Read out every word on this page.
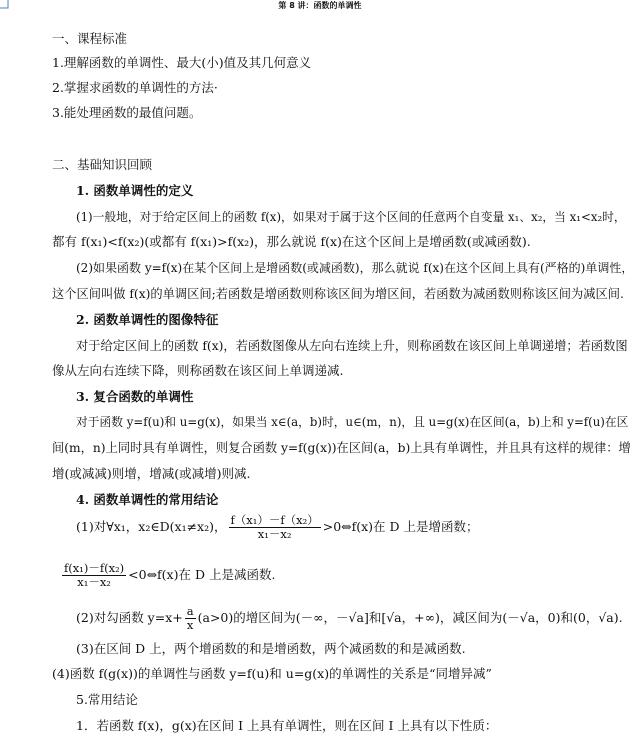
第 8 讲：函数的单调性
一、课程标准
1.理解函数的单调性、最大(小)值及其几何意义
2.掌握求函数的单调性的方法·
3.能处理函数的最值问题。
二、基础知识回顾
1. 函数单调性的定义
(1)一般地，对于给定区间上的函数 f(x)，如果对于属于这个区间的任意两个自变量 x₁、x₂，当 x₁<x₂时，
都有 f(x₁)<f(x₂)(或都有 f(x₁)>f(x₂)，那么就说 f(x)在这个区间上是增函数(或减函数).
(2)如果函数 y=f(x)在某个区间上是增函数(或减函数)，那么就说 f(x)在这个区间上具有(严格的)单调性，
这个区间叫做 f(x)的单调区间;若函数是增函数则称该区间为增区间，若函数为减函数则称该区间为减区间.
2. 函数单调性的图像特征
对于给定区间上的函数 f(x)，若函数图像从左向右连续上升，则称函数在该区间上单调递增；若函数图
像从左向右连续下降，则称函数在该区间上单调递减.
3. 复合函数的单调性
对于函数 y=f(u)和 u=g(x)，如果当 x∈(a，b)时，u∈(m，n)，且 u=g(x)在区间(a，b)上和 y=f(u)在区
间(m，n)上同时具有单调性，则复合函数 y=f(g(x))在区间(a，b)上具有单调性，并且具有这样的规律：增
增(或减减)则增，增减(或减增)则减.
4. 函数单调性的常用结论
(1)对∀x₁，x₂∈D(x₁≠x₂)， $\frac{\text{f（x₁）－f（x₂）}}{\text{x₁－x₂}}$ >0⇔f(x)在 D 上是增函数；
$\frac{\text{f(x₁)－f(x₂)}}{\text{x₁－x₂}}$ <0⇔f(x)在 D 上是减函数.
(2)对勾函数 $y=x+ \frac{a}{x} (a>0)$的增区间为(－∞，－√a]和[√a，+∞)，减区间为(－√a，0)和(0，√a).
(3)在区间 D 上，两个增函数的和是增函数，两个减函数的和是减函数.
(4)函数 f(g(x))的单调性与函数 y=f(u)和 u=g(x)的单调性的关系是“同增异减”
5.常用结论
1．若函数 f(x)，g(x)在区间 I 上具有单调性，则在区间 I 上具有以下性质：
